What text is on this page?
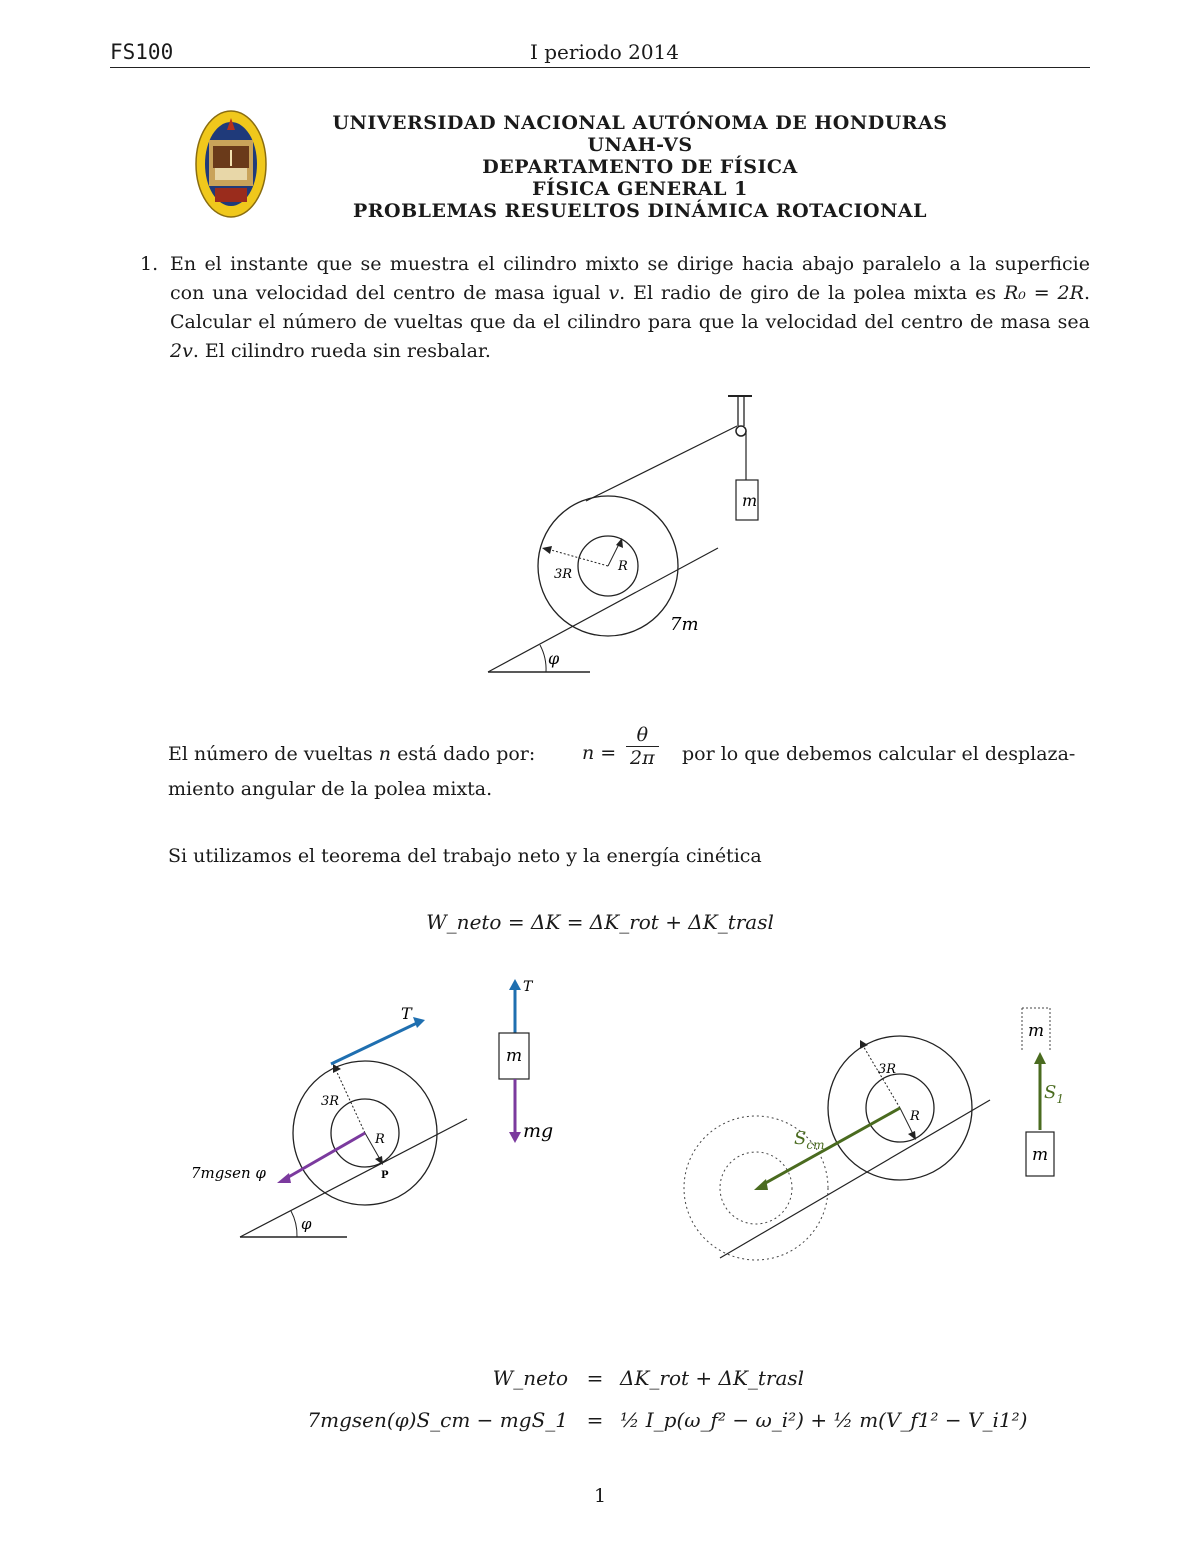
FS100	I periodo 2014
UNIVERSIDAD NACIONAL AUTÓNOMA DE HONDURAS
UNAH-VS
DEPARTAMENTO DE FÍSICA
FÍSICA GENERAL 1
PROBLEMAS RESUELTOS DINÁMICA ROTACIONAL
1. En el instante que se muestra el cilindro mixto se dirige hacia abajo paralelo a la superficie con una velocidad del centro de masa igual v. El radio de giro de la polea mixta es R₀ = 2R. Calcular el número de vueltas que da el cilindro para que la velocidad del centro de masa sea 2v. El cilindro rueda sin resbalar.
m
φ
3R
R
7m
El número de vueltas n está dado por:	$n = \frac{\theta}{2\pi}$ por lo que debemos calcular el desplaza-
miento angular de la polea mixta.
Si utilizamos el teorema del trabajo neto y la energía cinética
W_neto = ΔK = ΔK_rot + ΔK_trasl
φ
3R
R
P
T
7mgsen φ
T
m
mg
3R
R
$S_{cm}$
m
$S_1$
m
W_neto = ΔK_rot + ΔK_trasl
7mgsen(φ)S_cm − mgS_1 = ½ I_p(ω_f² − ω_i²) + ½ m(V_f1² − V_i1²)
1
